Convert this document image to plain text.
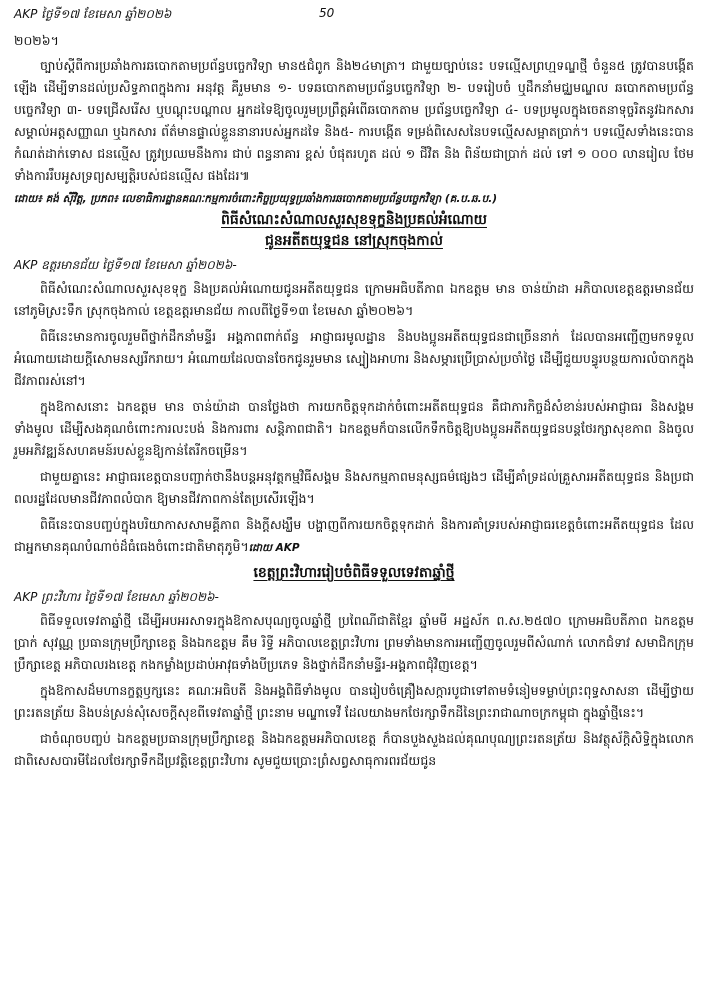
AKP ថ្ងៃទី១៧ ខែមេសា ឆ្នាំ២០២៦	50

២០២៦។

ច្បាប់ស្តីពីការប្រឆាំងការឆបោកតាមប្រព័ន្ធបច្ចេកវិទ្យា មាន៥ជំពូក និង២៤មាត្រា។ ជាមួយច្បាប់នេះ បទល្មើសព្រហ្មទណ្ឌថ្មី ចំនួន៥ ត្រូវបានបង្កើតឡើង ដើម្បីទានដល់ប្រសិទ្ធភាពក្នុងការ អនុវត្ត គឺរួមមាន ១- បទឆបោកតាមប្រព័ន្ធបច្ចេកវិទ្យា ២- បទរៀបចំ ឬដឹកនាំមជ្ឈមណ្ឌល ឆបោកតាមប្រព័ន្ធបច្ចេកវិទ្យា ៣- បទជ្រើសរើស ឬបណ្តុះបណ្តាល អ្នកដទៃឱ្យចូលរួមប្រព្រឹត្តអំពើឆបោកតាម ប្រព័ន្ធបច្ចេកវិទ្យា ៤- បទប្រមូលក្នុងចេតនាទុច្ចរិតនូវឯកសារសម្គាល់អត្តសញ្ញាណ ឬឯកសារ ព័ត៌មានផ្ទាល់ខ្លួននានារបស់អ្នកដទៃ និង៥- ការបង្កើត ទម្រង់ពិសេសនៃបទល្មើសសម្អាតប្រាក់។ បទល្មើសទាំងនេះបានកំណត់ដាក់ទោស ជនល្មើស ត្រូវប្រឈមនឹងការ ជាប់ ពន្ធនាគារ ខ្ពស់ បំផុតរហូត ដល់ ១ ជីវិត និង ពិន័យជាប្រាក់ ដល់ ទៅ ១ ០០០ លានរៀល ថែមទាំងការរឹបអូសទ្រព្យសម្បត្តិរបស់ជនល្មើស ផងដែរ៕

ដោយ៖ គង់ ស៊ីវិត្ត, ប្រភព៖ លេខាធិការដ្ឋានគណៈកម្មការចំពោះកិច្ចប្រយុទ្ធប្រឆាំងការឆបោកតាមប្រព័ន្ធបច្ចេកវិទ្យា (គ.ប.ឆ.ប.)
ពិធីសំណេះសំណាលសួរសុខទុក្ខនិងប្រគល់អំណោយ
ជូនអតីតយុទ្ធជន នៅស្រុកចុងកាល់
AKP ឧត្តរមានជ័យ ថ្ងៃទី១៧ ខែមេសា ឆ្នាំ២០២៦-

ពិធីសំណេះសំណាលសួរសុខទុក្ខ និងប្រគល់អំណោយជូនអតីតយុទ្ធជន ក្រោមអធិបតីភាព ឯកឧត្តម មាន ចាន់យ៉ាដា អភិបាលខេត្តឧត្តរមានជ័យ នៅភូមិស្រះទឹក ស្រុកចុងកាល់ ខេត្តឧត្តរមានជ័យ កាលពីថ្ងៃទី១៣ ខែមេសា ឆ្នាំ២០២៦។

ពិធីនេះមានការចូលរួមពីថ្នាក់ដឹកនាំមន្ទីរ អង្គភាពពាក់ព័ន្ធ អាជ្ញាធរមូលដ្ឋាន និងបងប្អូនអតីតយុទ្ធជនជាច្រើននាក់ ដែលបានអញ្ជើញមកទទួលអំណោយដោយក្តីសោមនស្សរីករាយ។ អំណោយដែលបានចែកជូនរួមមាន ស្បៀងអាហារ និងសម្ភារប្រើប្រាស់ប្រចាំថ្ងៃ ដើម្បីជួយបន្ធូរបន្ថយការលំបាកក្នុងជីវភាពរស់នៅ។

ក្នុងឱកាសនោះ ឯកឧត្តម មាន ចាន់យ៉ាដា បានថ្លែងថា ការយកចិត្តទុកដាក់ចំពោះអតីតយុទ្ធជន គឺជាភារកិច្ចដ៏សំខាន់របស់អាជ្ញាធរ និងសង្គមទាំងមូល ដើម្បីសងគុណចំពោះការលះបង់ និងការពារ សន្តិភាពជាតិ។ ឯកឧត្តមក៏បានលើកទឹកចិត្តឱ្យបងប្អូនអតីតយុទ្ធជនបន្តថែរក្សាសុខភាព និងចូលរួមអភិវឌ្ឍន៍សហគមន៍របស់ខ្លួនឱ្យកាន់តែរីកចម្រើន។

ជាមួយគ្នានេះ អាជ្ញាធរខេត្តបានបញ្ជាក់ថានឹងបន្តអនុវត្តកម្មវិធីសង្គម និងសកម្មភាពមនុស្សធម៌ផ្សេងៗ ដើម្បីគាំទ្រដល់គ្រួសារអតីតយុទ្ធជន និងប្រជាពលរដ្ឋដែលមានជីវភាពលំបាក ឱ្យមានជីវភាពកាន់តែប្រសើរឡើង។

ពិធីនេះបានបញ្ចប់ក្នុងបរិយាកាសសាមគ្គីភាព និងក្តីសង្ឃឹម បង្ហាញពីការយកចិត្តទុកដាក់ និងការគាំទ្ររបស់អាជ្ញាធរខេត្តចំពោះអតីតយុទ្ធជន ដែលជាអ្នកមានគុណបំណាច់ដ៏ធំធេងចំពោះជាតិមាតុភូមិ។ដោយ AKP

ខេត្តព្រះវិហាររៀបចំពិធីទទួលទេវតាឆ្នាំថ្មី
AKP ព្រះវិហារ ថ្ងៃទី១៧ ខែមេសា ឆ្នាំ២០២៦-

ពិធីទទួលទេវតាឆ្នាំថ្មី ដើម្បីអបអរសាទរក្នុងឱកាសបុណ្យចូលឆ្នាំថ្មី ប្រពៃណីជាតិខ្មែរ ឆ្នាំមមី អដ្ឋស័ក ព.ស.២៥៧០ ក្រោមអធិបតីភាព ឯកឧត្តម ប្រាក់ សុវណ្ណ ប្រធានក្រុមប្រឹក្សាខេត្ត និងឯកឧត្តម គឹម រិទ្ធី អភិបាលខេត្តព្រះវិហារ ព្រមទាំងមានការអញ្ជើញចូលរួមពីសំណាក់ លោកជំទាវ សមាជិកក្រុមប្រឹក្សាខេត្ត អភិបាលរងខេត្ត កងកម្លាំងប្រដាប់អាវុធទាំងបីប្រភេទ និងថ្នាក់ដឹកនាំមន្ទីរ-អង្គភាពជុំវិញខេត្ត។

ក្នុងឱកាសដ៏មហានក្ខត្តឫក្សនេះ គណៈអធិបតី និងអង្គពិធីទាំងមូល បានរៀបចំគ្រឿងសក្ការបូជាទៅតាមទំនៀមទម្លាប់ព្រះពុទ្ធសាសនា ដើម្បីថ្វាយព្រះរតនត្រ័យ និងបន់ស្រន់សុំសេចក្តីសុខពីទេវតាឆ្នាំថ្មី ព្រះនាម មណ្ឌាទេវី ដែលយាងមកថែរក្សាទឹកដីនៃព្រះរាជាណាចក្រកម្ពុជា ក្នុងឆ្នាំថ្មីនេះ។

ជាចំណុចបញ្ចប់ ឯកឧត្តមប្រធានក្រុមប្រឹក្សាខេត្ត និងឯកឧត្តមអភិបាលខេត្ត ក៏បានបួងសួងដល់គុណបុណ្យព្រះរតនត្រ័យ និងវត្ថុស័ក្តិសិទ្ធិក្នុងលោក ជាពិសេសបារមីដែលថែរក្សាទឹកដីប្រវត្តិខេត្តព្រះវិហារ សូមជួយប្រោះព្រំសព្វសាធុការពរជ័យជូន
